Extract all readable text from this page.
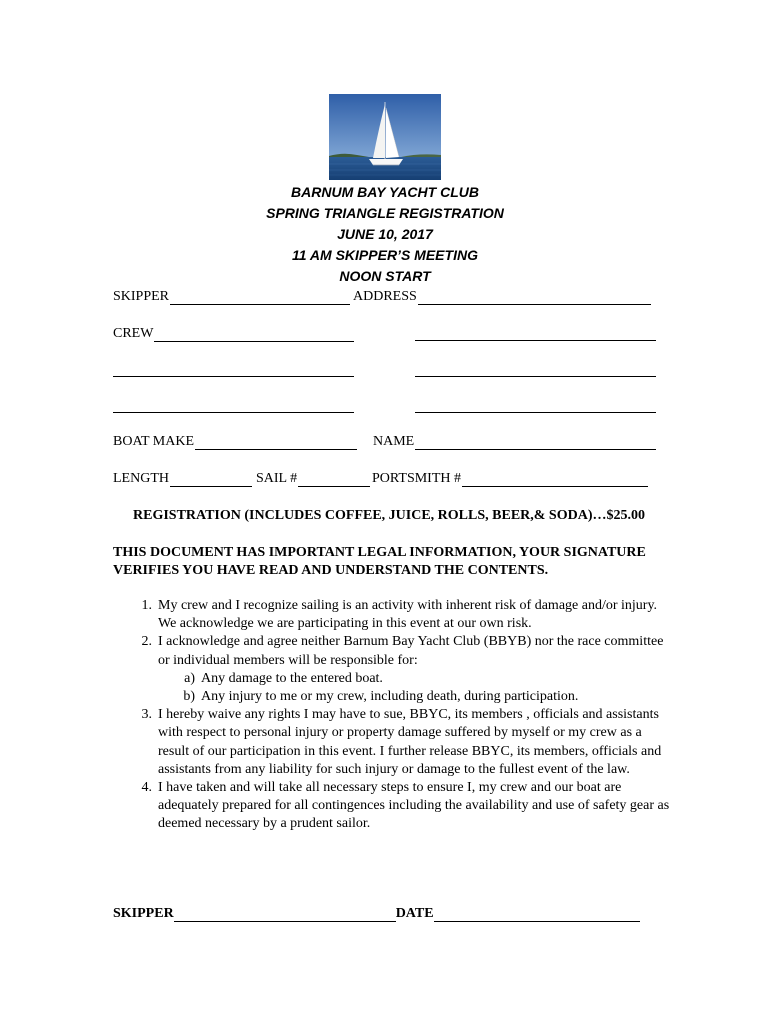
BARNUM BAY YACHT CLUB
SPRING TRIANGLE REGISTRATION
JUNE 10, 2017
11 AM SKIPPER’S MEETING
NOON START
SKIPPER	ADDRESS
CREW
BOAT MAKE	NAME
LENGTH	SAIL #	PORTSMITH #
REGISTRATION (INCLUDES COFFEE, JUICE, ROLLS, BEER,& SODA)…$25.00
THIS DOCUMENT HAS IMPORTANT LEGAL INFORMATION, YOUR SIGNATURE
VERIFIES YOU HAVE READ AND UNDERSTAND THE CONTENTS.
1. My crew and I recognize sailing is an activity with inherent risk of damage and/or injury. We acknowledge we are participating in this event at our own risk.
2. I acknowledge and agree neither Barnum Bay Yacht Club (BBYB) nor the race committee or individual members will be responsible for:
a) Any damage to the entered boat.
b) Any injury to me or my crew, including death, during participation.
3. I hereby waive any rights I may have to sue, BBYC, its members , officials and assistants with respect to personal injury or property damage suffered by myself or my crew as a result of our participation in this event. I further release BBYC, its members, officials and assistants from any liability for such injury or damage to the fullest event of the law.
4. I have taken and will take all necessary steps to ensure I, my crew and our boat are adequately prepared for all contingences including the availability and use of safety gear as deemed necessary by a prudent sailor.
SKIPPER	DATE
